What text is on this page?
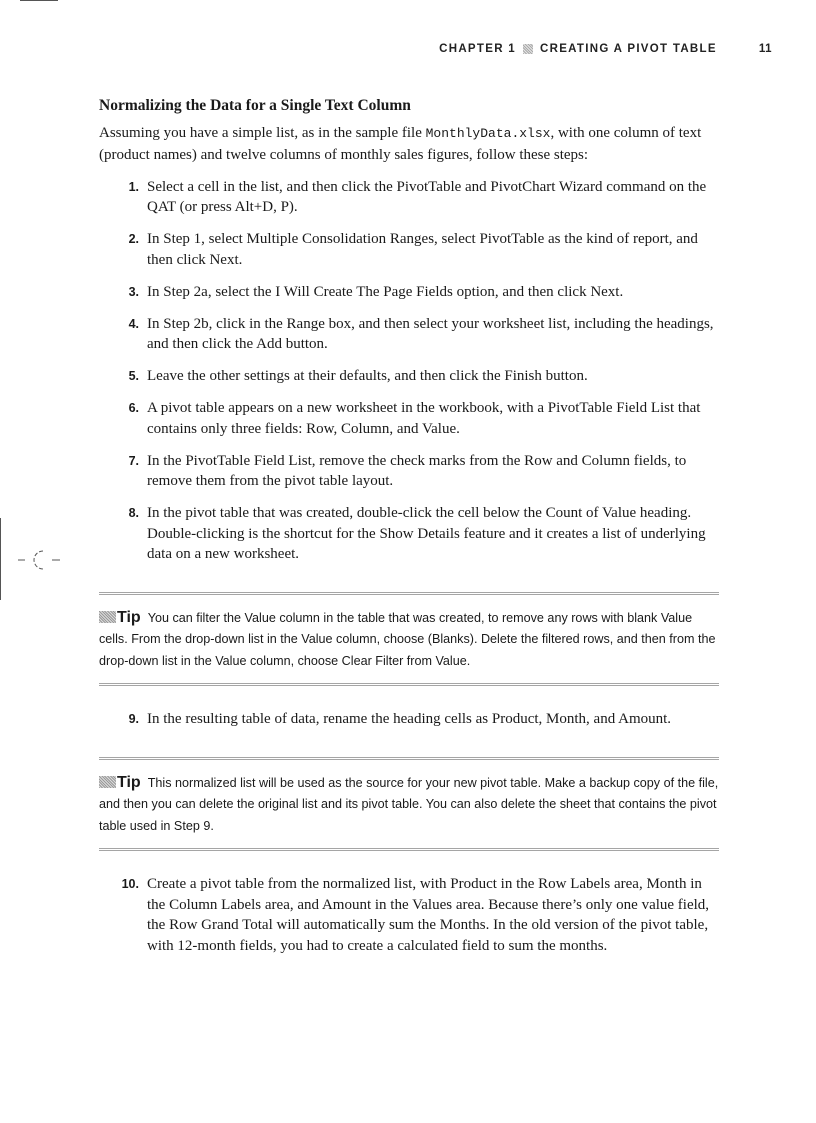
CHAPTER 1 CREATING A PIVOT TABLE	11
Normalizing the Data for a Single Text Column

Assuming you have a simple list, as in the sample file MonthlyData.xlsx, with one column of text (product names) and twelve columns of monthly sales figures, follow these steps:

1. Select a cell in the list, and then click the PivotTable and PivotChart Wizard command on the QAT (or press Alt+D, P).
2. In Step 1, select Multiple Consolidation Ranges, select PivotTable as the kind of report, and then click Next.
3. In Step 2a, select the I Will Create The Page Fields option, and then click Next.
4. In Step 2b, click in the Range box, and then select your worksheet list, including the headings, and then click the Add button.
5. Leave the other settings at their defaults, and then click the Finish button.
6. A pivot table appears on a new worksheet in the workbook, with a PivotTable Field List that contains only three fields: Row, Column, and Value.
7. In the PivotTable Field List, remove the check marks from the Row and Column fields, to remove them from the pivot table layout.
8. In the pivot table that was created, double-click the cell below the Count of Value heading. Double-clicking is the shortcut for the Show Details feature and it creates a list of underlying data on a new worksheet.

Tip You can filter the Value column in the table that was created, to remove any rows with blank Value cells. From the drop-down list in the Value column, choose (Blanks). Delete the filtered rows, and then from the drop-down list in the Value column, choose Clear Filter from Value.

9. In the resulting table of data, rename the heading cells as Product, Month, and Amount.

Tip This normalized list will be used as the source for your new pivot table. Make a backup copy of the file, and then you can delete the original list and its pivot table. You can also delete the sheet that contains the pivot table used in Step 9.

10. Create a pivot table from the normalized list, with Product in the Row Labels area, Month in the Column Labels area, and Amount in the Values area. Because there’s only one value field, the Row Grand Total will automatically sum the Months. In the old version of the pivot table, with 12-month fields, you had to create a calculated field to sum the months.
